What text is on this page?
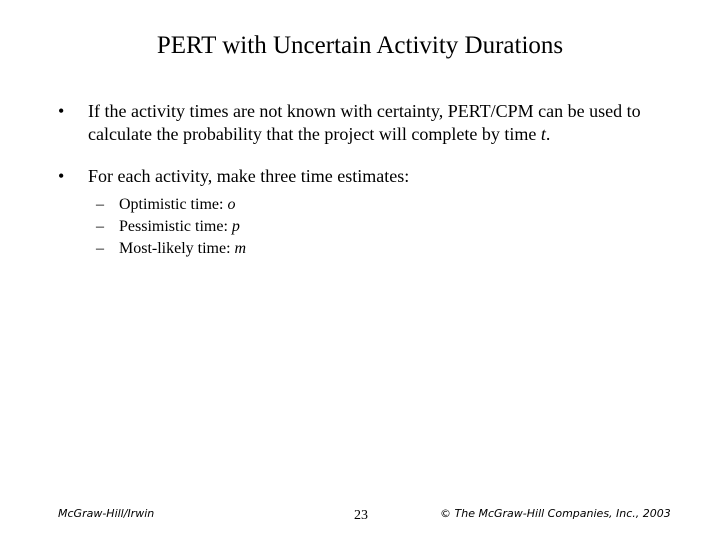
PERT with Uncertain Activity Durations
•	If the activity times are not known with certainty, PERT/CPM can be used to calculate the probability that the project will complete by time t.
•	For each activity, make three time estimates:
– Optimistic time: o
– Pessimistic time: p
– Most-likely time: m
McGraw-Hill/Irwin	23	© The McGraw-Hill Companies, Inc., 2003
